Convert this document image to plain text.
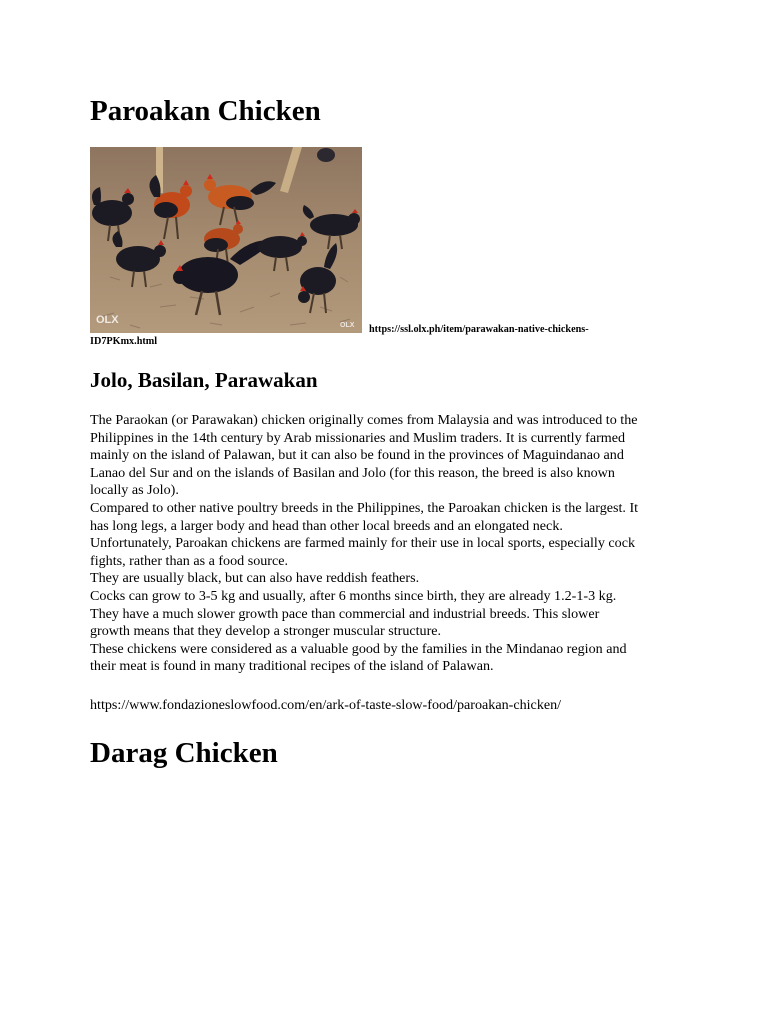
Paroakan Chicken
OLX	OLX https://ssl.olx.ph/item/parawakan-native-chickens-
ID7PKmx.html
Jolo, Basilan, Parawakan
The Paraokan (or Parawakan) chicken originally comes from Malaysia and was introduced to the
Philippines in the 14th century by Arab missionaries and Muslim traders. It is currently farmed
mainly on the island of Palawan, but it can also be found in the provinces of Maguindanao and
Lanao del Sur and on the islands of Basilan and Jolo (for this reason, the breed is also known
locally as Jolo).
Compared to other native poultry breeds in the Philippines, the Paroakan chicken is the largest. It
has long legs, a larger body and head than other local breeds and an elongated neck.
Unfortunately, Paroakan chickens are farmed mainly for their use in local sports, especially cock
fights, rather than as a food source.
They are usually black, but can also have reddish feathers.
Cocks can grow to 3-5 kg and usually, after 6 months since birth, they are already 1.2-1-3 kg.
They have a much slower growth pace than commercial and industrial breeds. This slower
growth means that they develop a stronger muscular structure.
These chickens were considered as a valuable good by the families in the Mindanao region and
their meat is found in many traditional recipes of the island of Palawan.
https://www.fondazioneslowfood.com/en/ark-of-taste-slow-food/paroakan-chicken/
Darag Chicken
